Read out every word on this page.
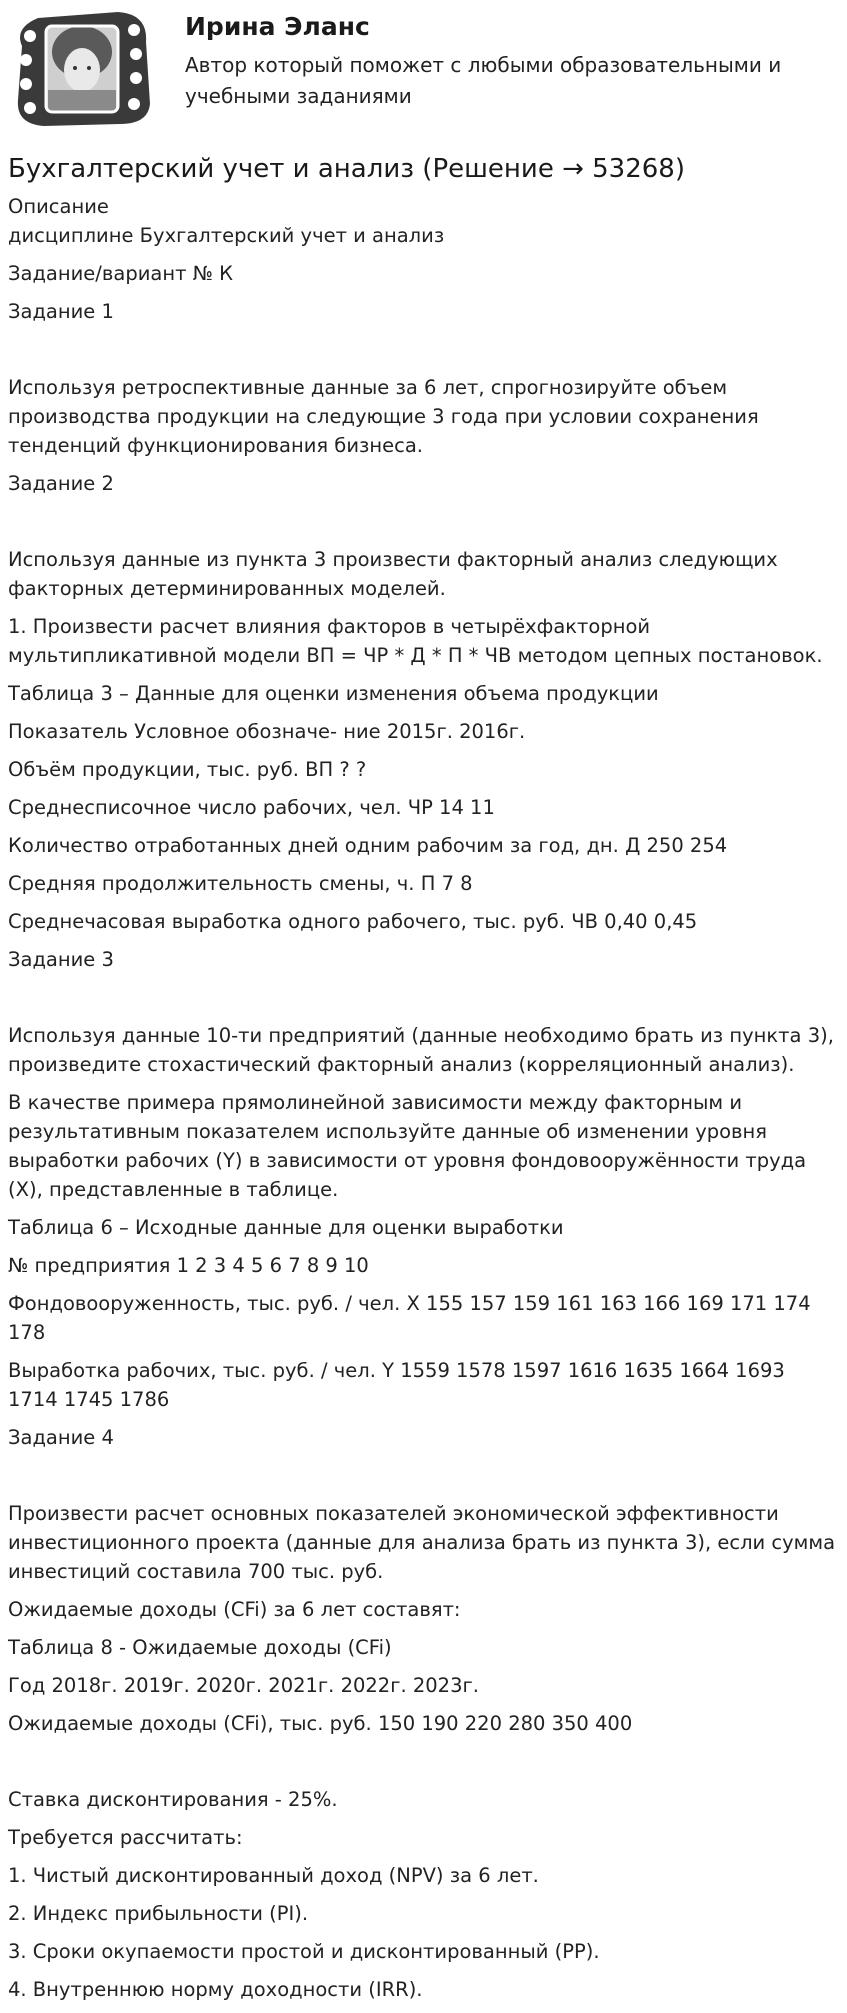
Ирина Эланс

Автор который поможет с любыми образовательными и учебными заданиями

Бухгалтерский учет и анализ (Решение → 53268)
Описание
дисциплине Бухгалтерский учет и анализ
Задание/вариант № К
Задание 1
Используя ретроспективные данные за 6 лет, спрогнозируйте объем производства продукции на следующие 3 года при условии сохранения тенденций функционирования бизнеса.
Задание 2
Используя данные из пункта 3 произвести факторный анализ следующих факторных детерминированных моделей.
1. Произвести расчет влияния факторов в четырёхфакторной мультипликативной модели ВП = ЧР * Д * П * ЧВ методом цепных постановок.
Таблица 3 – Данные для оценки изменения объема продукции
Показатель Условное обозначе- ние 2015г. 2016г.
Объём продукции, тыс. руб. ВП ? ?
Среднесписочное число рабочих, чел. ЧР 14 11
Количество отработанных дней одним рабочим за год, дн. Д 250 254
Средняя продолжительность смены, ч. П 7 8
Среднечасовая выработка одного рабочего, тыс. руб. ЧВ 0,40 0,45
Задание 3
Используя данные 10-ти предприятий (данные необходимо брать из пункта 3), произведите стохастический факторный анализ (корреляционный анализ).
В качестве примера прямолинейной зависимости между факторным и результативным показателем используйте данные об изменении уровня выработки рабочих (Y) в зависимости от уровня фондовооружённости труда (X), представленные в таблице.
Таблица 6 – Исходные данные для оценки выработки
№ предприятия 1 2 3 4 5 6 7 8 9 10
Фондовооруженность, тыс. руб. / чел. X 155 157 159 161 163 166 169 171 174 178
Выработка рабочих, тыс. руб. / чел. Y 1559 1578 1597 1616 1635 1664 1693 1714 1745 1786
Задание 4
Произвести расчет основных показателей экономической эффективности инвестиционного проекта (данные для анализа брать из пункта 3), если сумма инвестиций составила 700 тыс. руб.
Ожидаемые доходы (CFi) за 6 лет составят:
Таблица 8 - Ожидаемые доходы (CFi)
Год 2018г. 2019г. 2020г. 2021г. 2022г. 2023г.
Ожидаемые доходы (CFi), тыс. руб. 150 190 220 280 350 400
Ставка дисконтирования - 25%.
Требуется рассчитать:
1. Чистый дисконтированный доход (NPV) за 6 лет.
2. Индекс прибыльности (PI).
3. Сроки окупаемости простой и дисконтированный (PP).
4. Внутреннюю норму доходности (IRR).
